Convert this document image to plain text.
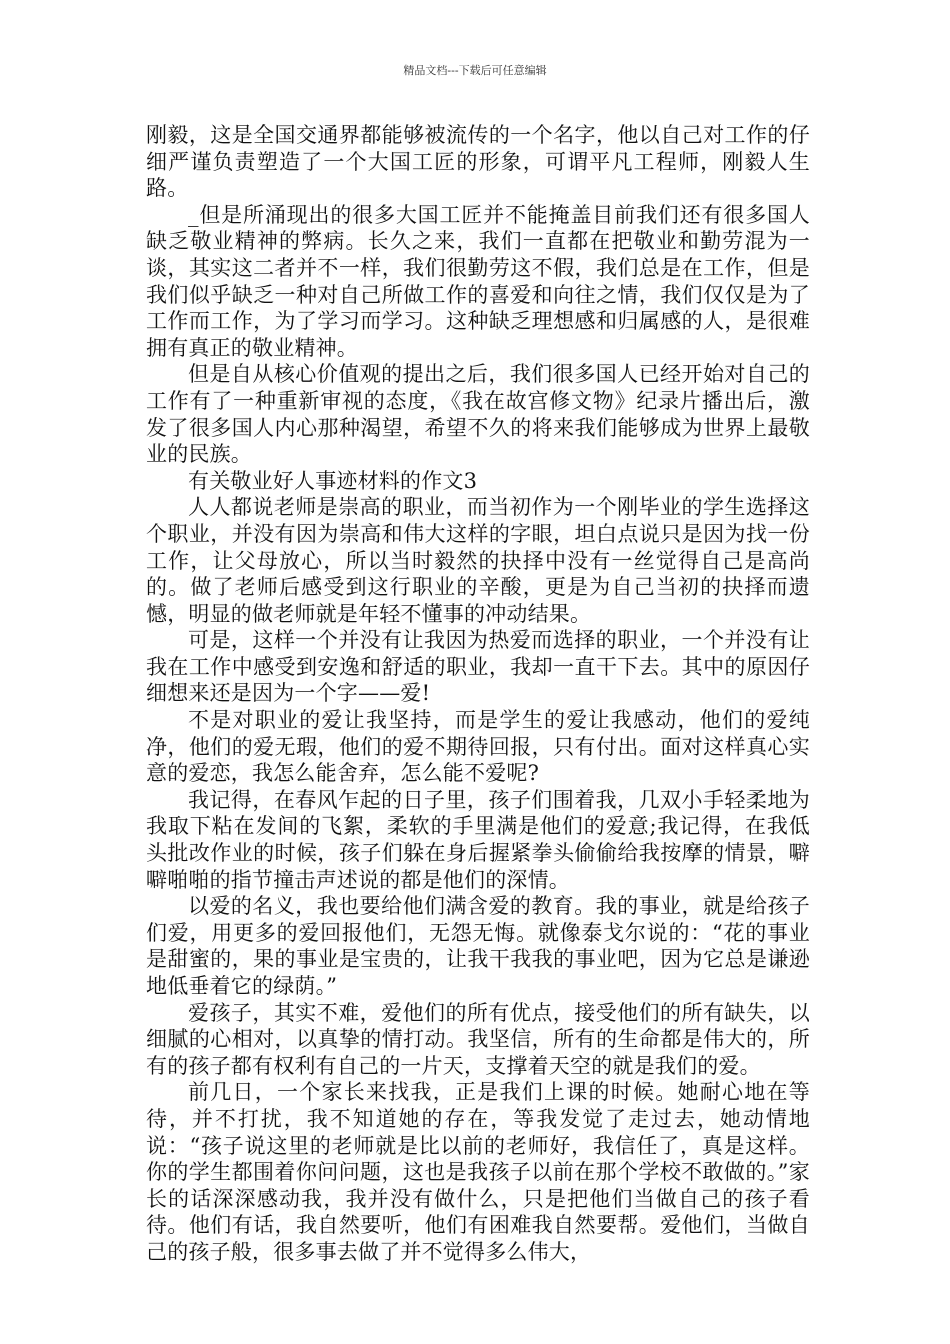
精品文档---下载后可任意编辑

刚毅，这是全国交通界都能够被流传的一个名字，他以自己对工作的仔细严谨负责塑造了一个大国工匠的形象，可谓平凡工程师，刚毅人生路。

_但是所涌现出的很多大国工匠并不能掩盖目前我们还有很多国人缺乏敬业精神的弊病。长久之来，我们一直都在把敬业和勤劳混为一谈，其实这二者并不一样，我们很勤劳这不假，我们总是在工作，但是我们似乎缺乏一种对自己所做工作的喜爱和向往之情，我们仅仅是为了工作而工作，为了学习而学习。这种缺乏理想感和归属感的人，是很难拥有真正的敬业精神。

但是自从核心价值观的提出之后，我们很多国人已经开始对自己的工作有了一种重新审视的态度，《我在故宫修文物》纪录片播出后，激发了很多国人内心那种渴望，希望不久的将来我们能够成为世界上最敬业的民族。

有关敬业好人事迹材料的作文3

人人都说老师是崇高的职业，而当初作为一个刚毕业的学生选择这个职业，并没有因为崇高和伟大这样的字眼，坦白点说只是因为找一份工作，让父母放心，所以当时毅然的抉择中没有一丝觉得自己是高尚的。做了老师后感受到这行职业的辛酸，更是为自己当初的抉择而遗憾，明显的做老师就是年轻不懂事的冲动结果。

可是，这样一个并没有让我因为热爱而选择的职业，一个并没有让我在工作中感受到安逸和舒适的职业，我却一直干下去。其中的原因仔细想来还是因为一个字——爱!

不是对职业的爱让我坚持，而是学生的爱让我感动，他们的爱纯净，他们的爱无瑕，他们的爱不期待回报，只有付出。面对这样真心实意的爱恋，我怎么能舍弃，怎么能不爱呢?

我记得，在春风乍起的日子里，孩子们围着我，几双小手轻柔地为我取下粘在发间的飞絮，柔软的手里满是他们的爱意;我记得，在我低头批改作业的时候，孩子们躲在身后握紧拳头偷偷给我按摩的情景，噼噼啪啪的指节撞击声述说的都是他们的深情。

以爱的名义，我也要给他们满含爱的教育。我的事业，就是给孩子们爱，用更多的爱回报他们，无怨无悔。就像泰戈尔说的：“花的事业是甜蜜的，果的事业是宝贵的，让我干我我的事业吧，因为它总是谦逊地低垂着它的绿荫。”

爱孩子，其实不难，爱他们的所有优点，接受他们的所有缺失，以细腻的心相对，以真挚的情打动。我坚信，所有的生命都是伟大的，所有的孩子都有权利有自己的一片天，支撑着天空的就是我们的爱。

前几日，一个家长来找我，正是我们上课的时候。她耐心地在等待，并不打扰，我不知道她的存在，等我发觉了走过去，她动情地说：“孩子说这里的老师就是比以前的老师好，我信任了，真是这样。你的学生都围着你问问题，这也是我孩子以前在那个学校不敢做的。”家长的话深深感动我，我并没有做什么，只是把他们当做自己的孩子看待。他们有话，我自然要听，他们有困难我自然要帮。爱他们，当做自己的孩子般，很多事去做了并不觉得多么伟大，
